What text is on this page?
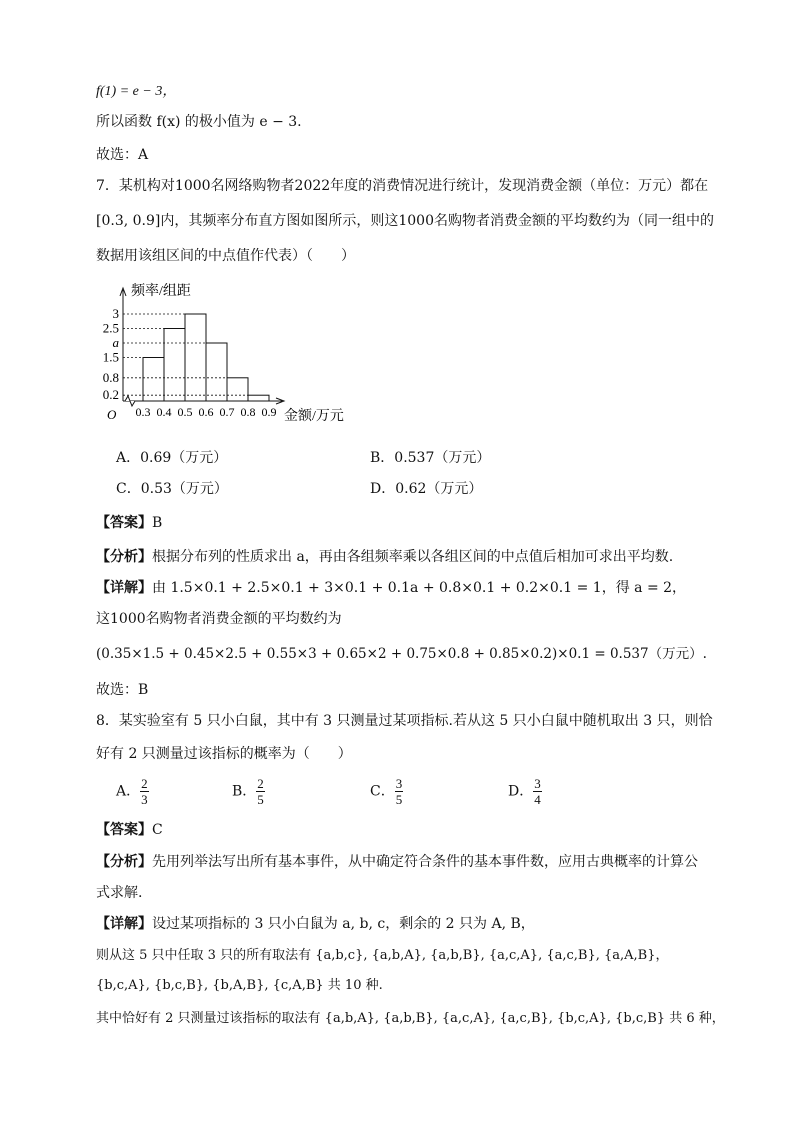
f(1) = e − 3，
所以函数 f(x) 的极小值为 e − 3.
故选：A
7．某机构对1000名网络购物者2022年度的消费情况进行统计，发现消费金额（单位：万元）都在
[0.3, 0.9]内，其频率分布直方图如图所示，则这1000名购物者消费金额的平均数约为（同一组中的
数据用该组区间的中点值作代表）（　　）
3
2.5
a
1.5
0.8
0.2
0.3 0.4 0.5 0.6 0.7 0.8 0.9
O
频率/组距
金额/万元
A．0.69（万元）	B．0.537（万元）
C．0.53（万元）	D．0.62（万元）
【答案】B
【分析】根据分布列的性质求出 a，再由各组频率乘以各组区间的中点值后相加可求出平均数.
【详解】由 1.5×0.1 + 2.5×0.1 + 3×0.1 + 0.1a + 0.8×0.1 + 0.2×0.1 = 1，得 a = 2，
这1000名购物者消费金额的平均数约为
(0.35×1.5 + 0.45×2.5 + 0.55×3 + 0.65×2 + 0.75×0.8 + 0.85×0.2)×0.1 = 0.537（万元）.
故选：B
8．某实验室有 5 只小白鼠，其中有 3 只测量过某项指标.若从这 5 只小白鼠中随机取出 3 只，则恰
好有 2 只测量过该指标的概率为（　　）
A． $\frac{2}{3}$	B． $\frac{2}{5}$	C． $\frac{3}{5}$	D． $\frac{3}{4}$
【答案】C
【分析】先用列举法写出所有基本事件，从中确定符合条件的基本事件数，应用古典概率的计算公
式求解.
【详解】设过某项指标的 3 只小白鼠为 a, b, c，剩余的 2 只为 A, B，
则从这 5 只中任取 3 只的所有取法有 {a,b,c}, {a,b,A}, {a,b,B}, {a,c,A}, {a,c,B}, {a,A,B}，
{b,c,A}, {b,c,B}, {b,A,B}, {c,A,B} 共 10 种.
其中恰好有 2 只测量过该指标的取法有 {a,b,A}, {a,b,B}, {a,c,A}, {a,c,B}, {b,c,A}, {b,c,B} 共 6 种，
